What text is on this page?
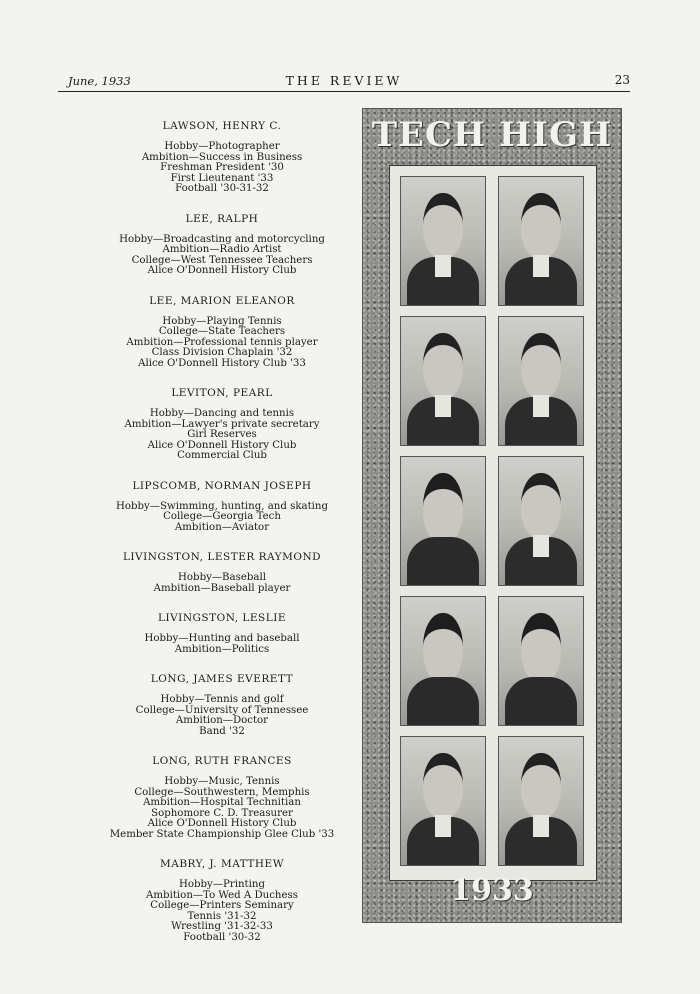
June, 1933	THE REVIEW	23
LAWSON, HENRY C.
Hobby—Photographer
Ambition—Success in Business
Freshman President '30
First Lieutenant '33
Football '30-31-32
LEE, RALPH
Hobby—Broadcasting and motorcycling
Ambition—Radio Artist
College—West Tennessee Teachers
Alice O'Donnell History Club
LEE, MARION ELEANOR
Hobby—Playing Tennis
College—State Teachers
Ambition—Professional tennis player
Class Division Chaplain '32
Alice O'Donnell History Club '33
LEVITON, PEARL
Hobby—Dancing and tennis
Ambition—Lawyer's private secretary
Girl Reserves
Alice O'Donnell History Club
Commercial Club
LIPSCOMB, NORMAN JOSEPH
Hobby—Swimming, hunting, and skating
College—Georgia Tech
Ambition—Aviator
LIVINGSTON, LESTER RAYMOND
Hobby—Baseball
Ambition—Baseball player
LIVINGSTON, LESLIE
Hobby—Hunting and baseball
Ambition—Politics
LONG, JAMES EVERETT
Hobby—Tennis and golf
College—University of Tennessee
Ambition—Doctor
Band '32
LONG, RUTH FRANCES
Hobby—Music, Tennis
College—Southwestern, Memphis
Ambition—Hospital Technitian
Sophomore C. D. Treasurer
Alice O'Donnell History Club
Member State Championship Glee Club '33
MABRY, J. MATTHEW
Hobby—Printing
Ambition—To Wed A Duchess
College—Printers Seminary
Tennis '31-32
Wrestling '31-32-33
Football '30-32
TECH HIGH
1933
